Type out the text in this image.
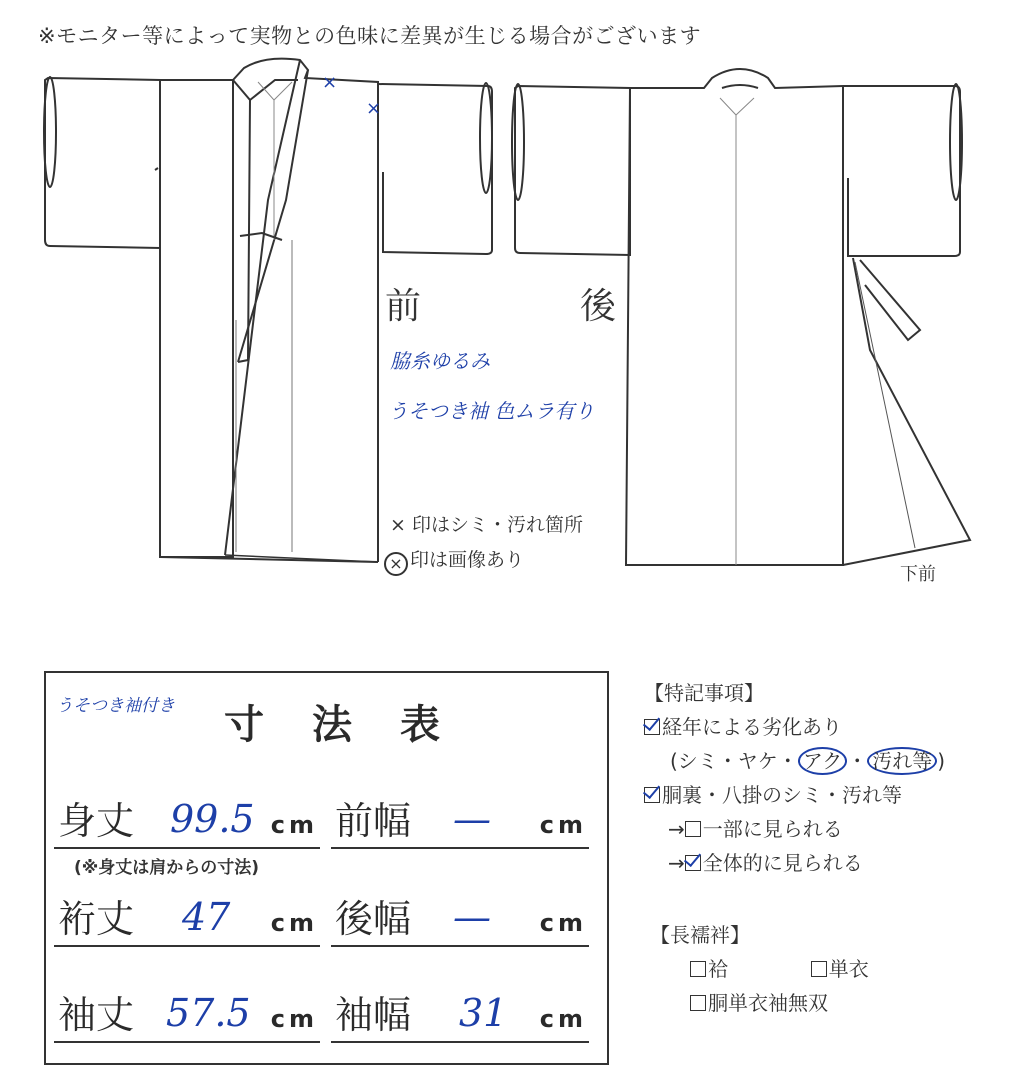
※モニター等によって実物との色味に差異が生じる場合がございます
×
×
前	後
下前
脇糸ゆるみ
うそつき袖 色ムラ有り
× 印はシミ・汚れ箇所
× 印は画像あり
うそつき袖付き 寸法表
身丈 99.5 cm 前幅 — cm
(※身丈は肩からの寸法)
裄丈 47 cm 後幅 — cm
袖丈 57.5 cm 袖幅 31 cm
【特記事項】
経年による劣化あり
(シミ・ヤケ・ アク ・ 汚れ等 )
胴裏・八掛のシミ・汚れ等
→ 一部に見られる
→ 全体的に見られる
【長襦袢】
袷	単衣
胴単衣袖無双
